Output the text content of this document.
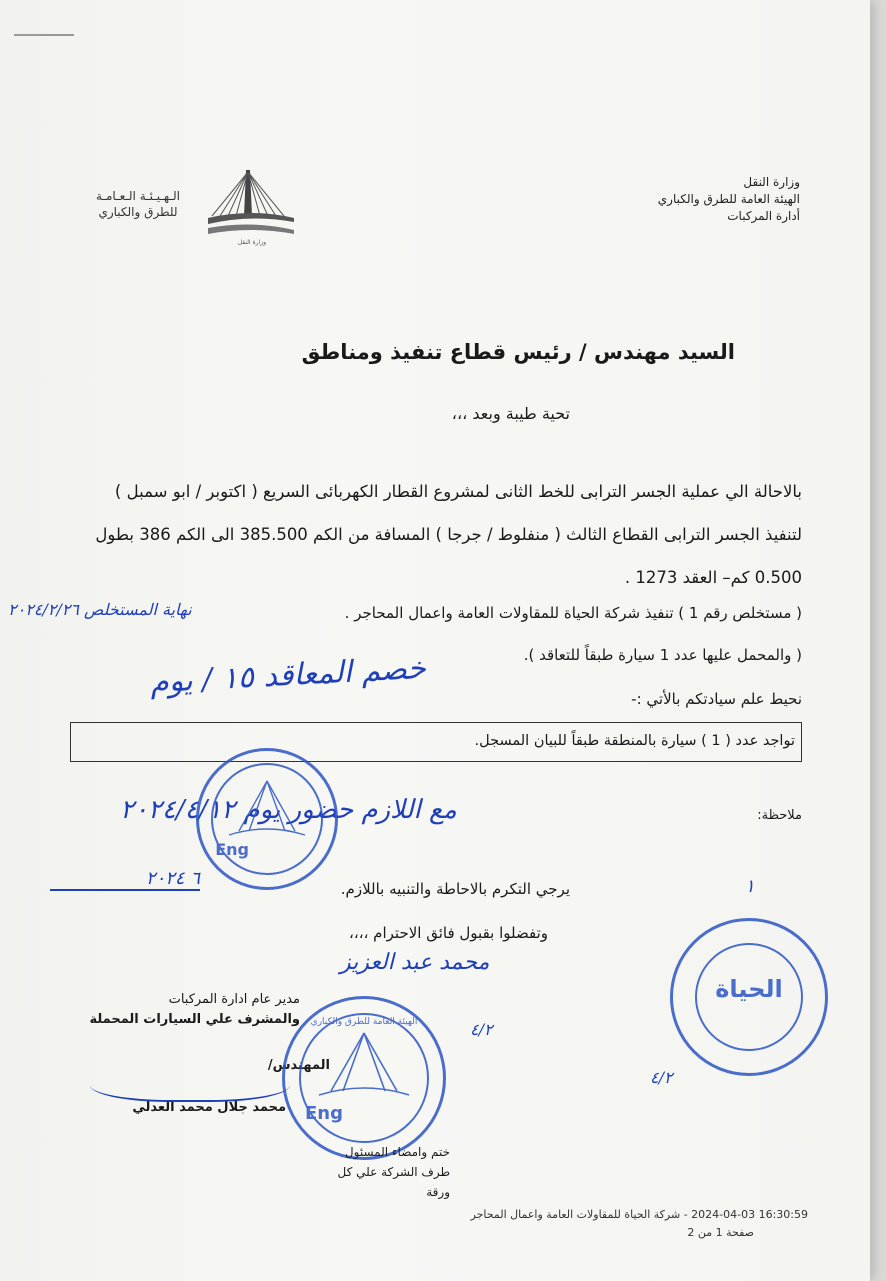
وزارة النقل
الهيئة العامة للطرق والكباري
أدارة المركبات
الـهـيـئـة الـعـامـة
للطرق والكباري
وزارة النقل
السيد مهندس / رئيس قطاع تنفيذ ومناطق
تحية طيبة وبعد ،،،
بالاحالة الي عملية الجسر الترابى للخط الثانى لمشروع القطار الكهربائى السريع ( اكتوبر / ابو سمبل )
لتنفيذ الجسر الترابى القطاع الثالث ( منفلوط / جرجا ) المسافة من الكم 385.500 الى الكم 386 بطول
0.500 كم– العقد 1273 .
( مستخلص رقم 1 ) تنفيذ شركة الحياة للمقاولات العامة واعمال المحاجر .
نهاية المستخلص ٢٠٢٤/٢/٢٦
( والمحمل عليها عدد 1 سيارة طبقاً للتعاقد ).
خصم المعاقد ١٥ / يوم
نحيط علم سيادتكم بالأتي :-
تواجد عدد ( 1 ) سيارة بالمنطقة طبقاً للبيان المسجل.
ملاحظة:
مع اللازم حضور يوم ٢٠٢٤/٤/١٢
Eng
يرجي التكرم بالاحاطة والتنبيه باللازم.
وتفضلوا بقبول فائق الاحترام ،،،،
٦ ٢٠٢٤	١
الحياة
محمد عبد العزيز
٤/٢
مدير عام ادارة المركبات
والمشرف علي السيارات المحملة
المهندس/
محمد جلال محمد العدلي Eng
الهيئة العامة للطرق والكباري
٤/٢
ختم وامضاء المسئول
طرف الشركة علي كل
ورقة
2024-04-03 16:30:59 - شركة الحياة للمقاولات العامة واعمال المحاجر
صفحة 1 من 2
